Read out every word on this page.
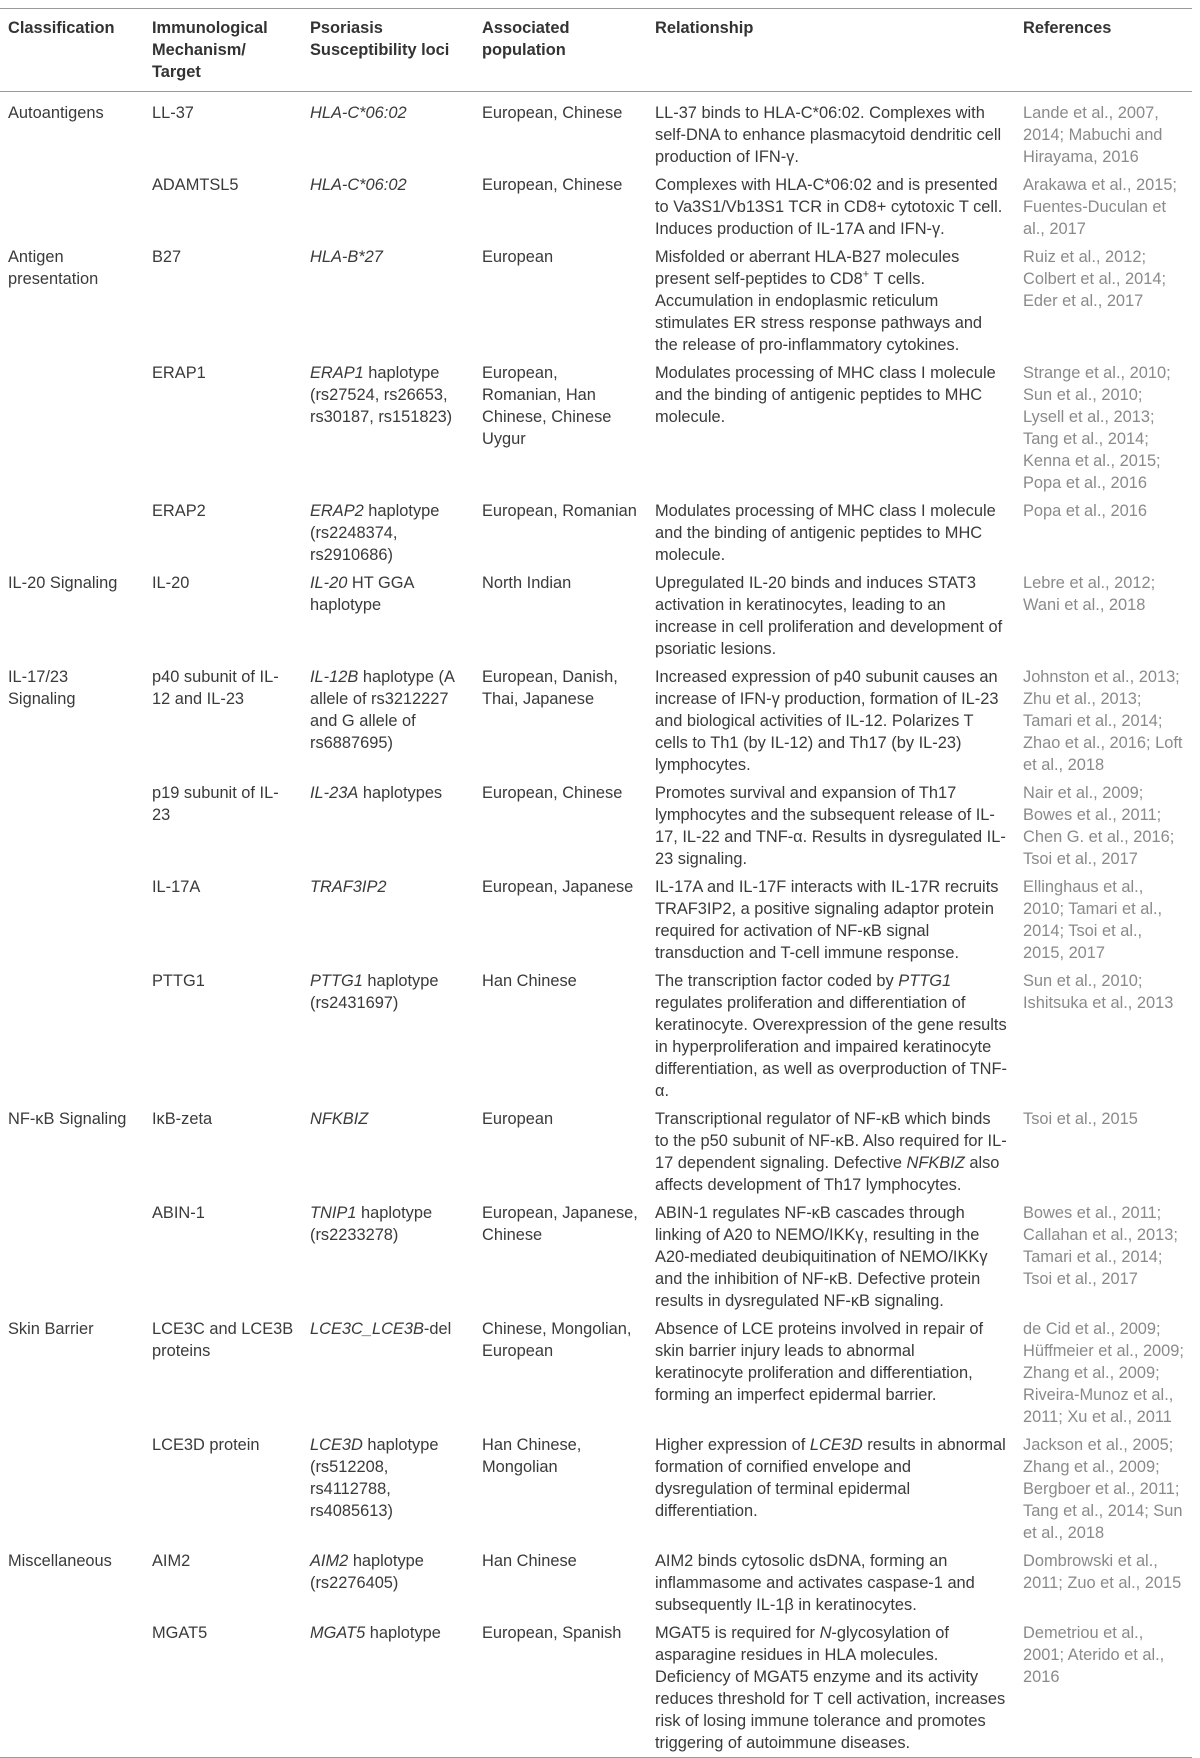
Classification	Immunological Mechanism/ Target	Psoriasis Susceptibility loci	Associated population	Relationship	References
Autoantigens	LL-37	HLA-C*06:02	European, Chinese	LL-37 binds to HLA-C*06:02. Complexes with self-DNA to enhance plasmacytoid dendritic cell production of IFN-γ.	Lande et al., 2007, 2014; Mabuchi and Hirayama, 2016
	ADAMTSL5	HLA-C*06:02	European, Chinese	Complexes with HLA-C*06:02 and is presented to Va3S1/Vb13S1 TCR in CD8+ cytotoxic T cell. Induces production of IL-17A and IFN-γ.	Arakawa et al., 2015; Fuentes-Duculan et al., 2017
Antigen presentation	B27	HLA-B*27	European	Misfolded or aberrant HLA-B27 molecules present self-peptides to CD8+ T cells. Accumulation in endoplasmic reticulum stimulates ER stress response pathways and the release of pro-inflammatory cytokines.	Ruiz et al., 2012; Colbert et al., 2014; Eder et al., 2017
	ERAP1	ERAP1 haplotype (rs27524, rs26653, rs30187, rs151823)	European, Romanian, Han Chinese, Chinese Uygur	Modulates processing of MHC class I molecule and the binding of antigenic peptides to MHC molecule.	Strange et al., 2010; Sun et al., 2010; Lysell et al., 2013; Tang et al., 2014; Kenna et al., 2015; Popa et al., 2016
	ERAP2	ERAP2 haplotype (rs2248374, rs2910686)	European, Romanian	Modulates processing of MHC class I molecule and the binding of antigenic peptides to MHC molecule.	Popa et al., 2016
IL-20 Signaling	IL-20	IL-20 HT GGA haplotype	North Indian	Upregulated IL-20 binds and induces STAT3 activation in keratinocytes, leading to an increase in cell proliferation and development of psoriatic lesions.	Lebre et al., 2012; Wani et al., 2018
IL-17/23 Signaling	p40 subunit of IL-12 and IL-23	IL-12B haplotype (A allele of rs3212227 and G allele of rs6887695)	European, Danish, Thai, Japanese	Increased expression of p40 subunit causes an increase of IFN-γ production, formation of IL-23 and biological activities of IL-12. Polarizes T cells to Th1 (by IL-12) and Th17 (by IL-23) lymphocytes.	Johnston et al., 2013; Zhu et al., 2013; Tamari et al., 2014; Zhao et al., 2016; Loft et al., 2018
	p19 subunit of IL-23	IL-23A haplotypes	European, Chinese	Promotes survival and expansion of Th17 lymphocytes and the subsequent release of IL-17, IL-22 and TNF-α. Results in dysregulated IL-23 signaling.	Nair et al., 2009; Bowes et al., 2011; Chen G. et al., 2016; Tsoi et al., 2017
	IL-17A	TRAF3IP2	European, Japanese	IL-17A and IL-17F interacts with IL-17R recruits TRAF3IP2, a positive signaling adaptor protein required for activation of NF-κB signal transduction and T-cell immune response.	Ellinghaus et al., 2010; Tamari et al., 2014; Tsoi et al., 2015, 2017
	PTTG1	PTTG1 haplotype (rs2431697)	Han Chinese	The transcription factor coded by PTTG1 regulates proliferation and differentiation of keratinocyte. Overexpression of the gene results in hyperproliferation and impaired keratinocyte differentiation, as well as overproduction of TNF-α.	Sun et al., 2010; Ishitsuka et al., 2013
NF-κB Signaling	IκB-zeta	NFKBIZ	European	Transcriptional regulator of NF-κB which binds to the p50 subunit of NF-κB. Also required for IL-17 dependent signaling. Defective NFKBIZ also affects development of Th17 lymphocytes.	Tsoi et al., 2015
	ABIN-1	TNIP1 haplotype (rs2233278)	European, Japanese, Chinese	ABIN-1 regulates NF-κB cascades through linking of A20 to NEMO/IKKγ, resulting in the A20-mediated deubiquitination of NEMO/IKKγ and the inhibition of NF-κB. Defective protein results in dysregulated NF-κB signaling.	Bowes et al., 2011; Callahan et al., 2013; Tamari et al., 2014; Tsoi et al., 2017
Skin Barrier	LCE3C and LCE3B proteins	LCE3C_LCE3B-del	Chinese, Mongolian, European	Absence of LCE proteins involved in repair of skin barrier injury leads to abnormal keratinocyte proliferation and differentiation, forming an imperfect epidermal barrier.	de Cid et al., 2009; Hüffmeier et al., 2009; Zhang et al., 2009; Riveira-Munoz et al., 2011; Xu et al., 2011
	LCE3D protein	LCE3D haplotype (rs512208, rs4112788, rs4085613)	Han Chinese, Mongolian	Higher expression of LCE3D results in abnormal formation of cornified envelope and dysregulation of terminal epidermal differentiation.	Jackson et al., 2005; Zhang et al., 2009; Bergboer et al., 2011; Tang et al., 2014; Sun et al., 2018
Miscellaneous	AIM2	AIM2 haplotype (rs2276405)	Han Chinese	AIM2 binds cytosolic dsDNA, forming an inflammasome and activates caspase-1 and subsequently IL-1β in keratinocytes.	Dombrowski et al., 2011; Zuo et al., 2015
	MGAT5	MGAT5 haplotype	European, Spanish	MGAT5 is required for N-glycosylation of asparagine residues in HLA molecules. Deficiency of MGAT5 enzyme and its activity reduces threshold for T cell activation, increases risk of losing immune tolerance and promotes triggering of autoimmune diseases.	Demetriou et al., 2001; Aterido et al., 2016
